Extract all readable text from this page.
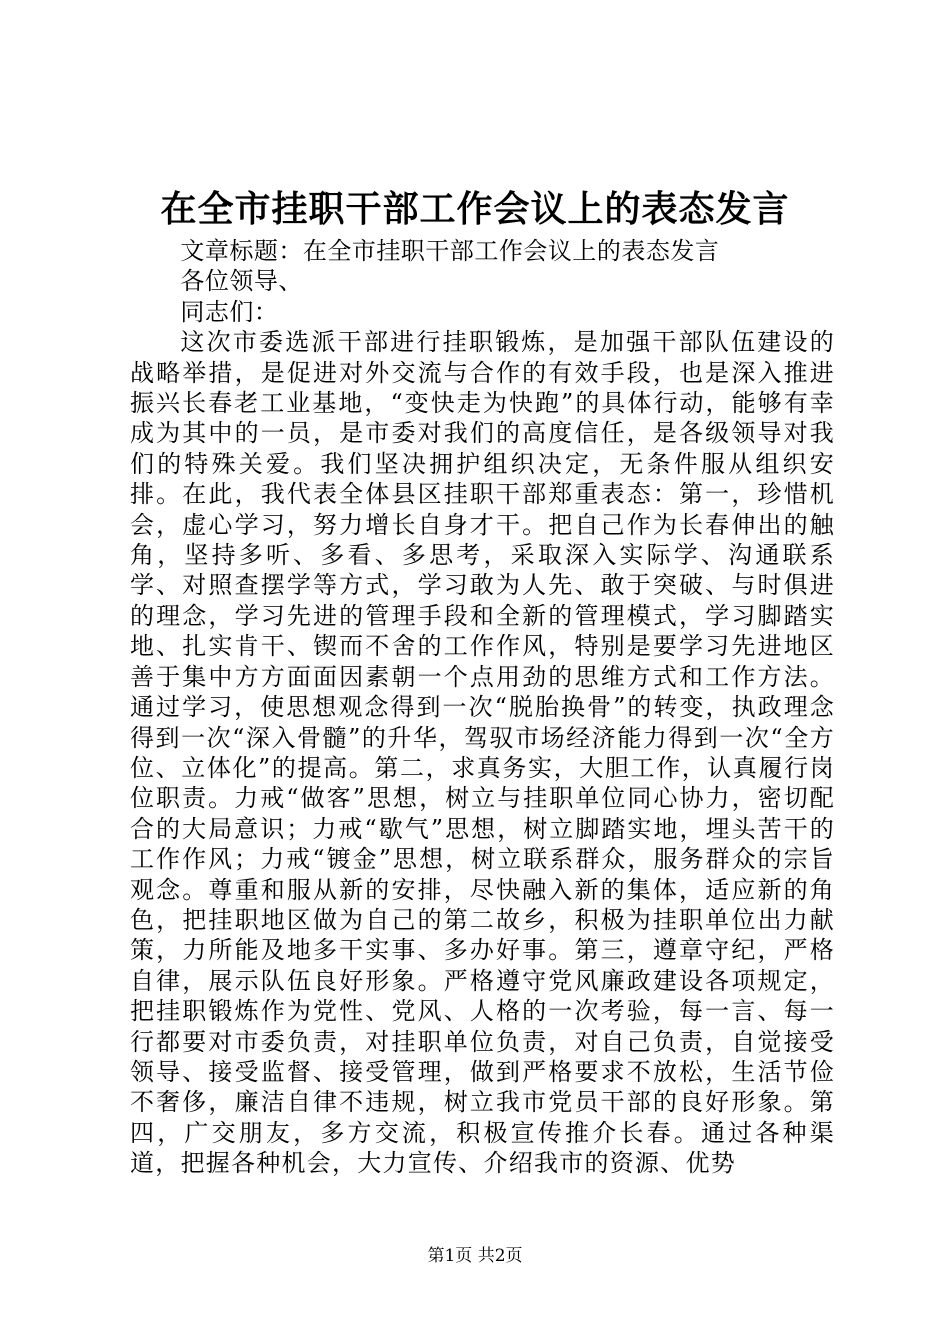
在全市挂职干部工作会议上的表态发言

文章标题：在全市挂职干部工作会议上的表态发言

各位领导、

同志们：

这次市委选派干部进行挂职锻炼，是加强干部队伍建设的战略举措，是促进对外交流与合作的有效手段，也是深入推进振兴长春老工业基地，“变快走为快跑”的具体行动，能够有幸成为其中的一员，是市委对我们的高度信任，是各级领导对我们的特殊关爱。我们坚决拥护组织决定，无条件服从组织安排。在此，我代表全体县区挂职干部郑重表态：第一，珍惜机会，虚心学习，努力增长自身才干。把自己作为长春伸出的触角，坚持多听、多看、多思考，采取深入实际学、沟通联系学、对照查摆学等方式，学习敢为人先、敢于突破、与时俱进的理念，学习先进的管理手段和全新的管理模式，学习脚踏实地、扎实肯干、锲而不舍的工作作风，特别是要学习先进地区善于集中方方面面因素朝一个点用劲的思维方式和工作方法。通过学习，使思想观念得到一次“脱胎换骨”的转变，执政理念得到一次“深入骨髓”的升华，驾驭市场经济能力得到一次“全方位、立体化”的提高。第二，求真务实，大胆工作，认真履行岗位职责。力戒“做客”思想，树立与挂职单位同心协力，密切配合的大局意识；力戒“歇气”思想，树立脚踏实地，埋头苦干的工作作风；力戒“镀金”思想，树立联系群众，服务群众的宗旨观念。尊重和服从新的安排，尽快融入新的集体，适应新的角色，把挂职地区做为自己的第二故乡，积极为挂职单位出力献策，力所能及地多干实事、多办好事。第三，遵章守纪，严格自律，展示队伍良好形象。严格遵守党风廉政建设各项规定，把挂职锻炼作为党性、党风、人格的一次考验，每一言、每一行都要对市委负责，对挂职单位负责，对自己负责，自觉接受领导、接受监督、接受管理，做到严格要求不放松，生活节俭不奢侈，廉洁自律不违规，树立我市党员干部的良好形象。第四，广交朋友，多方交流，积极宣传推介长春。通过各种渠道，把握各种机会，大力宣传、介绍我市的资源、优势

第1页 共2页
